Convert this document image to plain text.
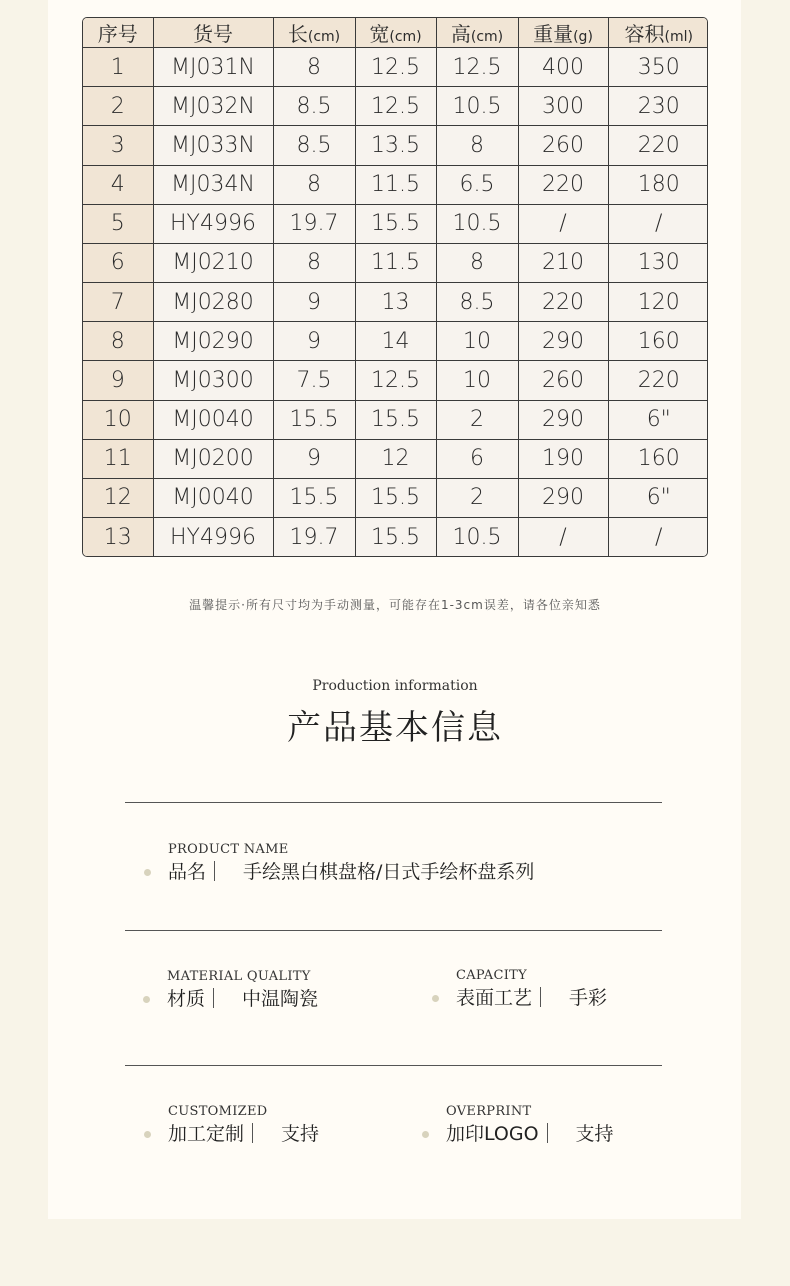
序号	货号	长(cm)	宽(cm)	高(cm)	重量(g)	容积(ml)
1	MJ031N	8	12.5	12.5	400	350
2	MJ032N	8.5	12.5	10.5	300	230
3	MJ033N	8.5	13.5	8	260	220
4	MJ034N	8	11.5	6.5	220	180
5	HY4996	19.7	15.5	10.5	/	/
6	MJ0210	8	11.5	8	210	130
7	MJ0280	9	13	8.5	220	120
8	MJ0290	9	14	10	290	160
9	MJ0300	7.5	12.5	10	260	220
10	MJ0040	15.5	15.5	2	290	6"
11	MJ0200	9	12	6	190	160
12	MJ0040	15.5	15.5	2	290	6"
13	HY4996	19.7	15.5	10.5	/	/
温馨提示·所有尺寸均为手动测量，可能存在1-3cm误差，请各位亲知悉
Production information
产品基本信息
PRODUCT NAME
品名 手绘黑白棋盘格/日式手绘杯盘系列
MATERIAL QUALITY
材质 中温陶瓷
CAPACITY
表面工艺 手彩
CUSTOMIZED
加工定制 支持
OVERPRINT
加印LOGO 支持
